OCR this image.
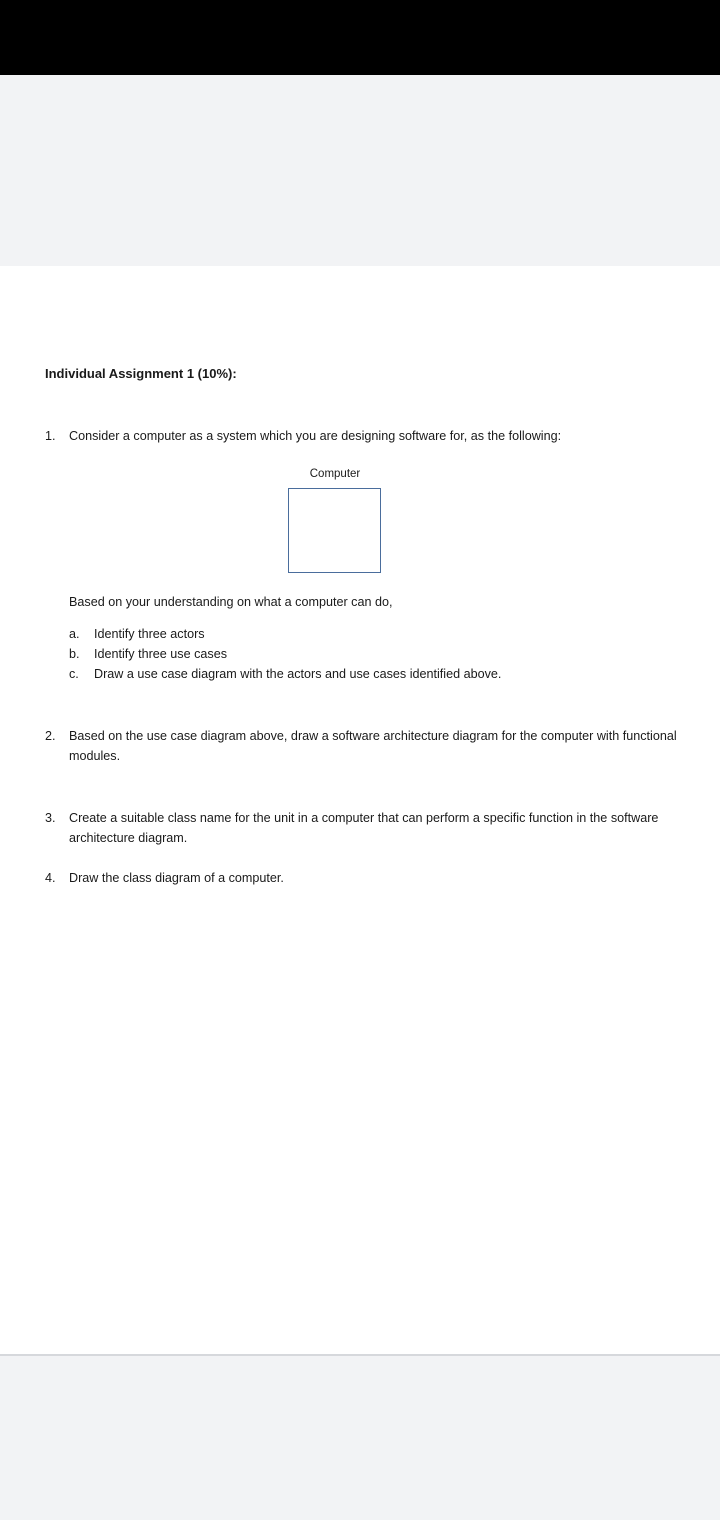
Individual Assignment 1 (10%):

1. Consider a computer as a system which you are designing software for, as the following:

Computer

Based on your understanding on what a computer can do,

a. Identify three actors

b. Identify three use cases

c. Draw a use case diagram with the actors and use cases identified above.

2. Based on the use case diagram above, draw a software architecture diagram for the computer with functional modules.

3. Create a suitable class name for the unit in a computer that can perform a specific function in the software architecture diagram.

4. Draw the class diagram of a computer.
